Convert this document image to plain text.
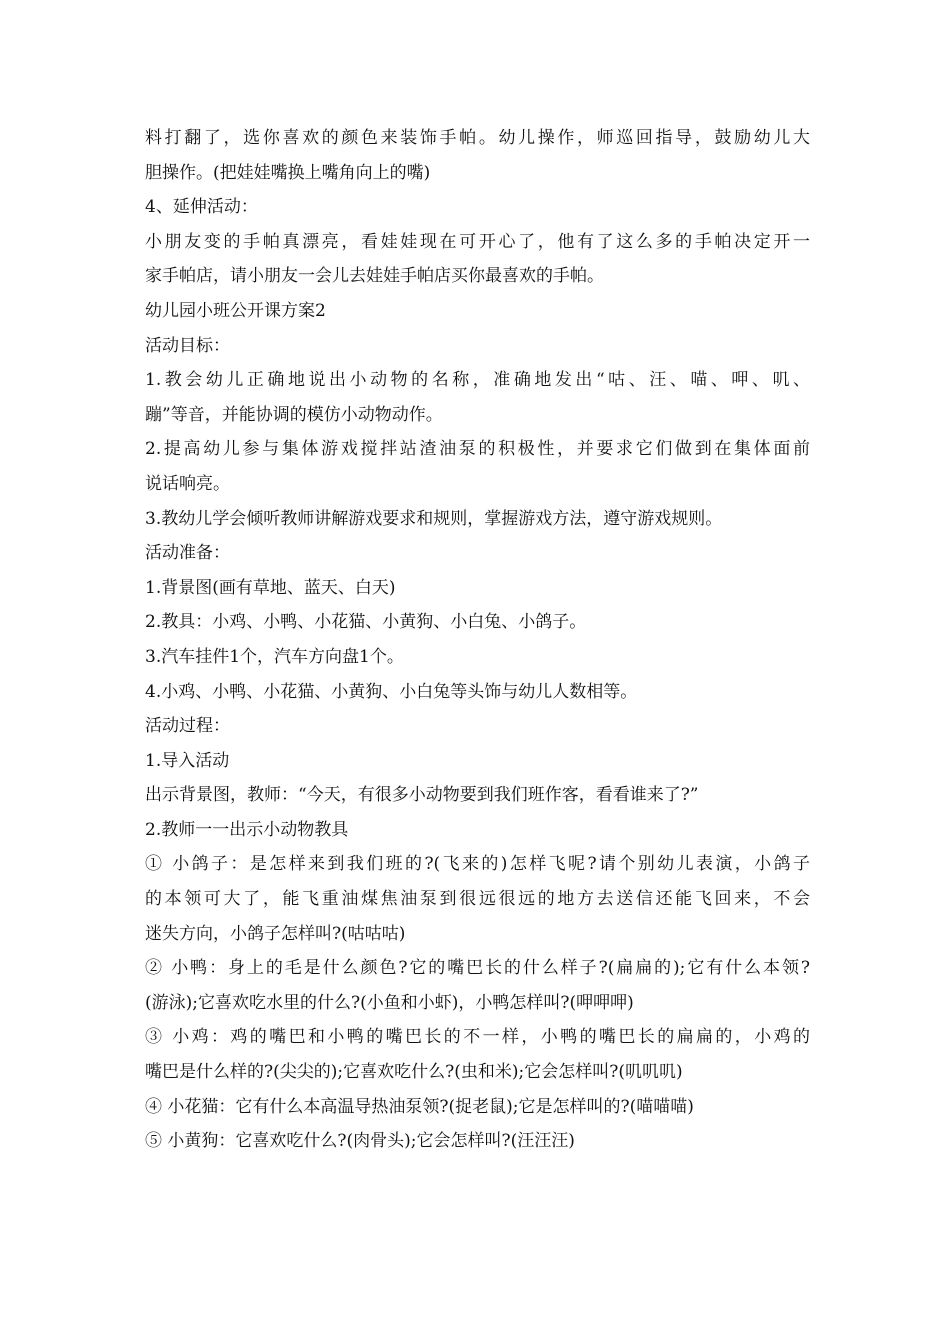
料打翻了，选你喜欢的颜色来装饰手帕。幼儿操作，师巡回指导，鼓励幼儿大
胆操作。(把娃娃嘴换上嘴角向上的嘴)
4、延伸活动：
小朋友变的手帕真漂亮，看娃娃现在可开心了，他有了这么多的手帕决定开一
家手帕店，请小朋友一会儿去娃娃手帕店买你最喜欢的手帕。
幼儿园小班公开课方案2
活动目标：
1.教会幼儿正确地说出小动物的名称，准确地发出“咕、汪、喵、呷、叽、
蹦”等音，并能协调的模仿小动物动作。
2.提高幼儿参与集体游戏搅拌站渣油泵的积极性，并要求它们做到在集体面前
说话响亮。
3.教幼儿学会倾听教师讲解游戏要求和规则，掌握游戏方法，遵守游戏规则。
活动准备：
1.背景图(画有草地、蓝天、白天)
2.教具：小鸡、小鸭、小花猫、小黄狗、小白兔、小鸽子。
3.汽车挂件1个，汽车方向盘1个。
4.小鸡、小鸭、小花猫、小黄狗、小白兔等头饰与幼儿人数相等。
活动过程：
1.导入活动
出示背景图，教师：“今天，有很多小动物要到我们班作客，看看谁来了?”
2.教师一一出示小动物教具
① 小鸽子：是怎样来到我们班的?(飞来的)怎样飞呢?请个别幼儿表演，小鸽子
的本领可大了，能飞重油煤焦油泵到很远很远的地方去送信还能飞回来，不会
迷失方向，小鸽子怎样叫?(咕咕咕)
② 小鸭：身上的毛是什么颜色?它的嘴巴长的什么样子?(扁扁的);它有什么本领?
(游泳);它喜欢吃水里的什么?(小鱼和小虾)，小鸭怎样叫?(呷呷呷)
③ 小鸡：鸡的嘴巴和小鸭的嘴巴长的不一样，小鸭的嘴巴长的扁扁的，小鸡的
嘴巴是什么样的?(尖尖的);它喜欢吃什么?(虫和米);它会怎样叫?(叽叽叽)
④ 小花猫：它有什么本高温导热油泵领?(捉老鼠);它是怎样叫的?(喵喵喵)
⑤ 小黄狗：它喜欢吃什么?(肉骨头);它会怎样叫?(汪汪汪)
